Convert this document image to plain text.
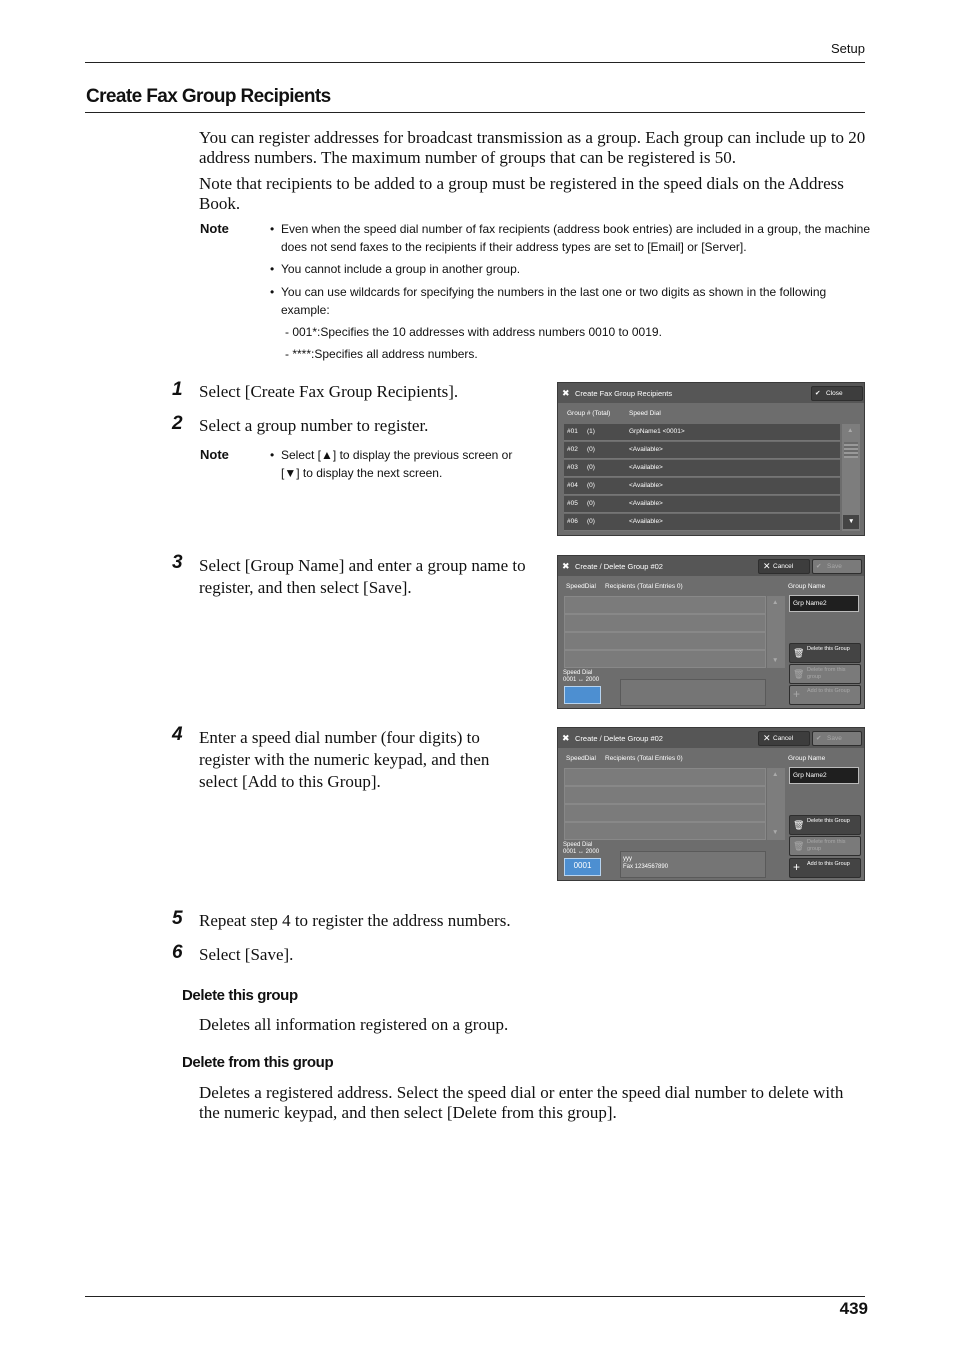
Setup
Create Fax Group Recipients
You can register addresses for broadcast transmission as a group. Each group can include up to 20 address numbers. The maximum number of groups that can be registered is 50.
Note that recipients to be added to a group must be registered in the speed dials on the Address Book.
Note	• Even when the speed dial number of fax recipients (address book entries) are included in a group, the machine does not send faxes to the recipients if their address types are set to [Email] or [Server].
• You cannot include a group in another group.
• You can use wildcards for specifying the numbers in the last one or two digits as shown in the following example:
- 001*:Specifies the 10 addresses with address numbers 0010 to 0019.
- ****:Specifies all address numbers.
1 Select [Create Fax Group Recipients].
2 Select a group number to register.
Note	• Select [▲] to display the previous screen or
[▼] to display the next screen.
✖ Create Fax Group Recipients	✔ Close
Group # (Total)	Speed Dial
#01 (1)	GrpName1 <0001>
#02 (0)	<Available>
#03 (0)	<Available>
#04 (0)	<Available>
#05 (0)	<Available>
#06 (0)	<Available>
▲
▼
3 Select [Group Name] and enter a group name to register, and then select [Save].
✖ Create / Delete Group #02	✕ Cancel	✔ Save
SpeedDial Recipients (Total Entries 0)	Group Name
▲
▼
Grp Name2
🗑 Delete this Group
🗑 Delete from this group
+ Add to this Group
Speed Dial
0001 ↔ 2000
4 Enter a speed dial number (four digits) to register with the numeric keypad, and then select [Add to this Group].
✖ Create / Delete Group #02	✕ Cancel	✔ Save
SpeedDial Recipients (Total Entries 0)	Group Name
▲
▼
Grp Name2
🗑 Delete this Group
🗑 Delete from this group
+ Add to this Group
Speed Dial
0001 ↔ 2000
0001
yyy
Fax 1234567890
5 Repeat step 4 to register the address numbers.
6 Select [Save].
Delete this group
Deletes all information registered on a group.
Delete from this group
Deletes a registered address. Select the speed dial or enter the speed dial number to delete with the numeric keypad, and then select [Delete from this group].
439
